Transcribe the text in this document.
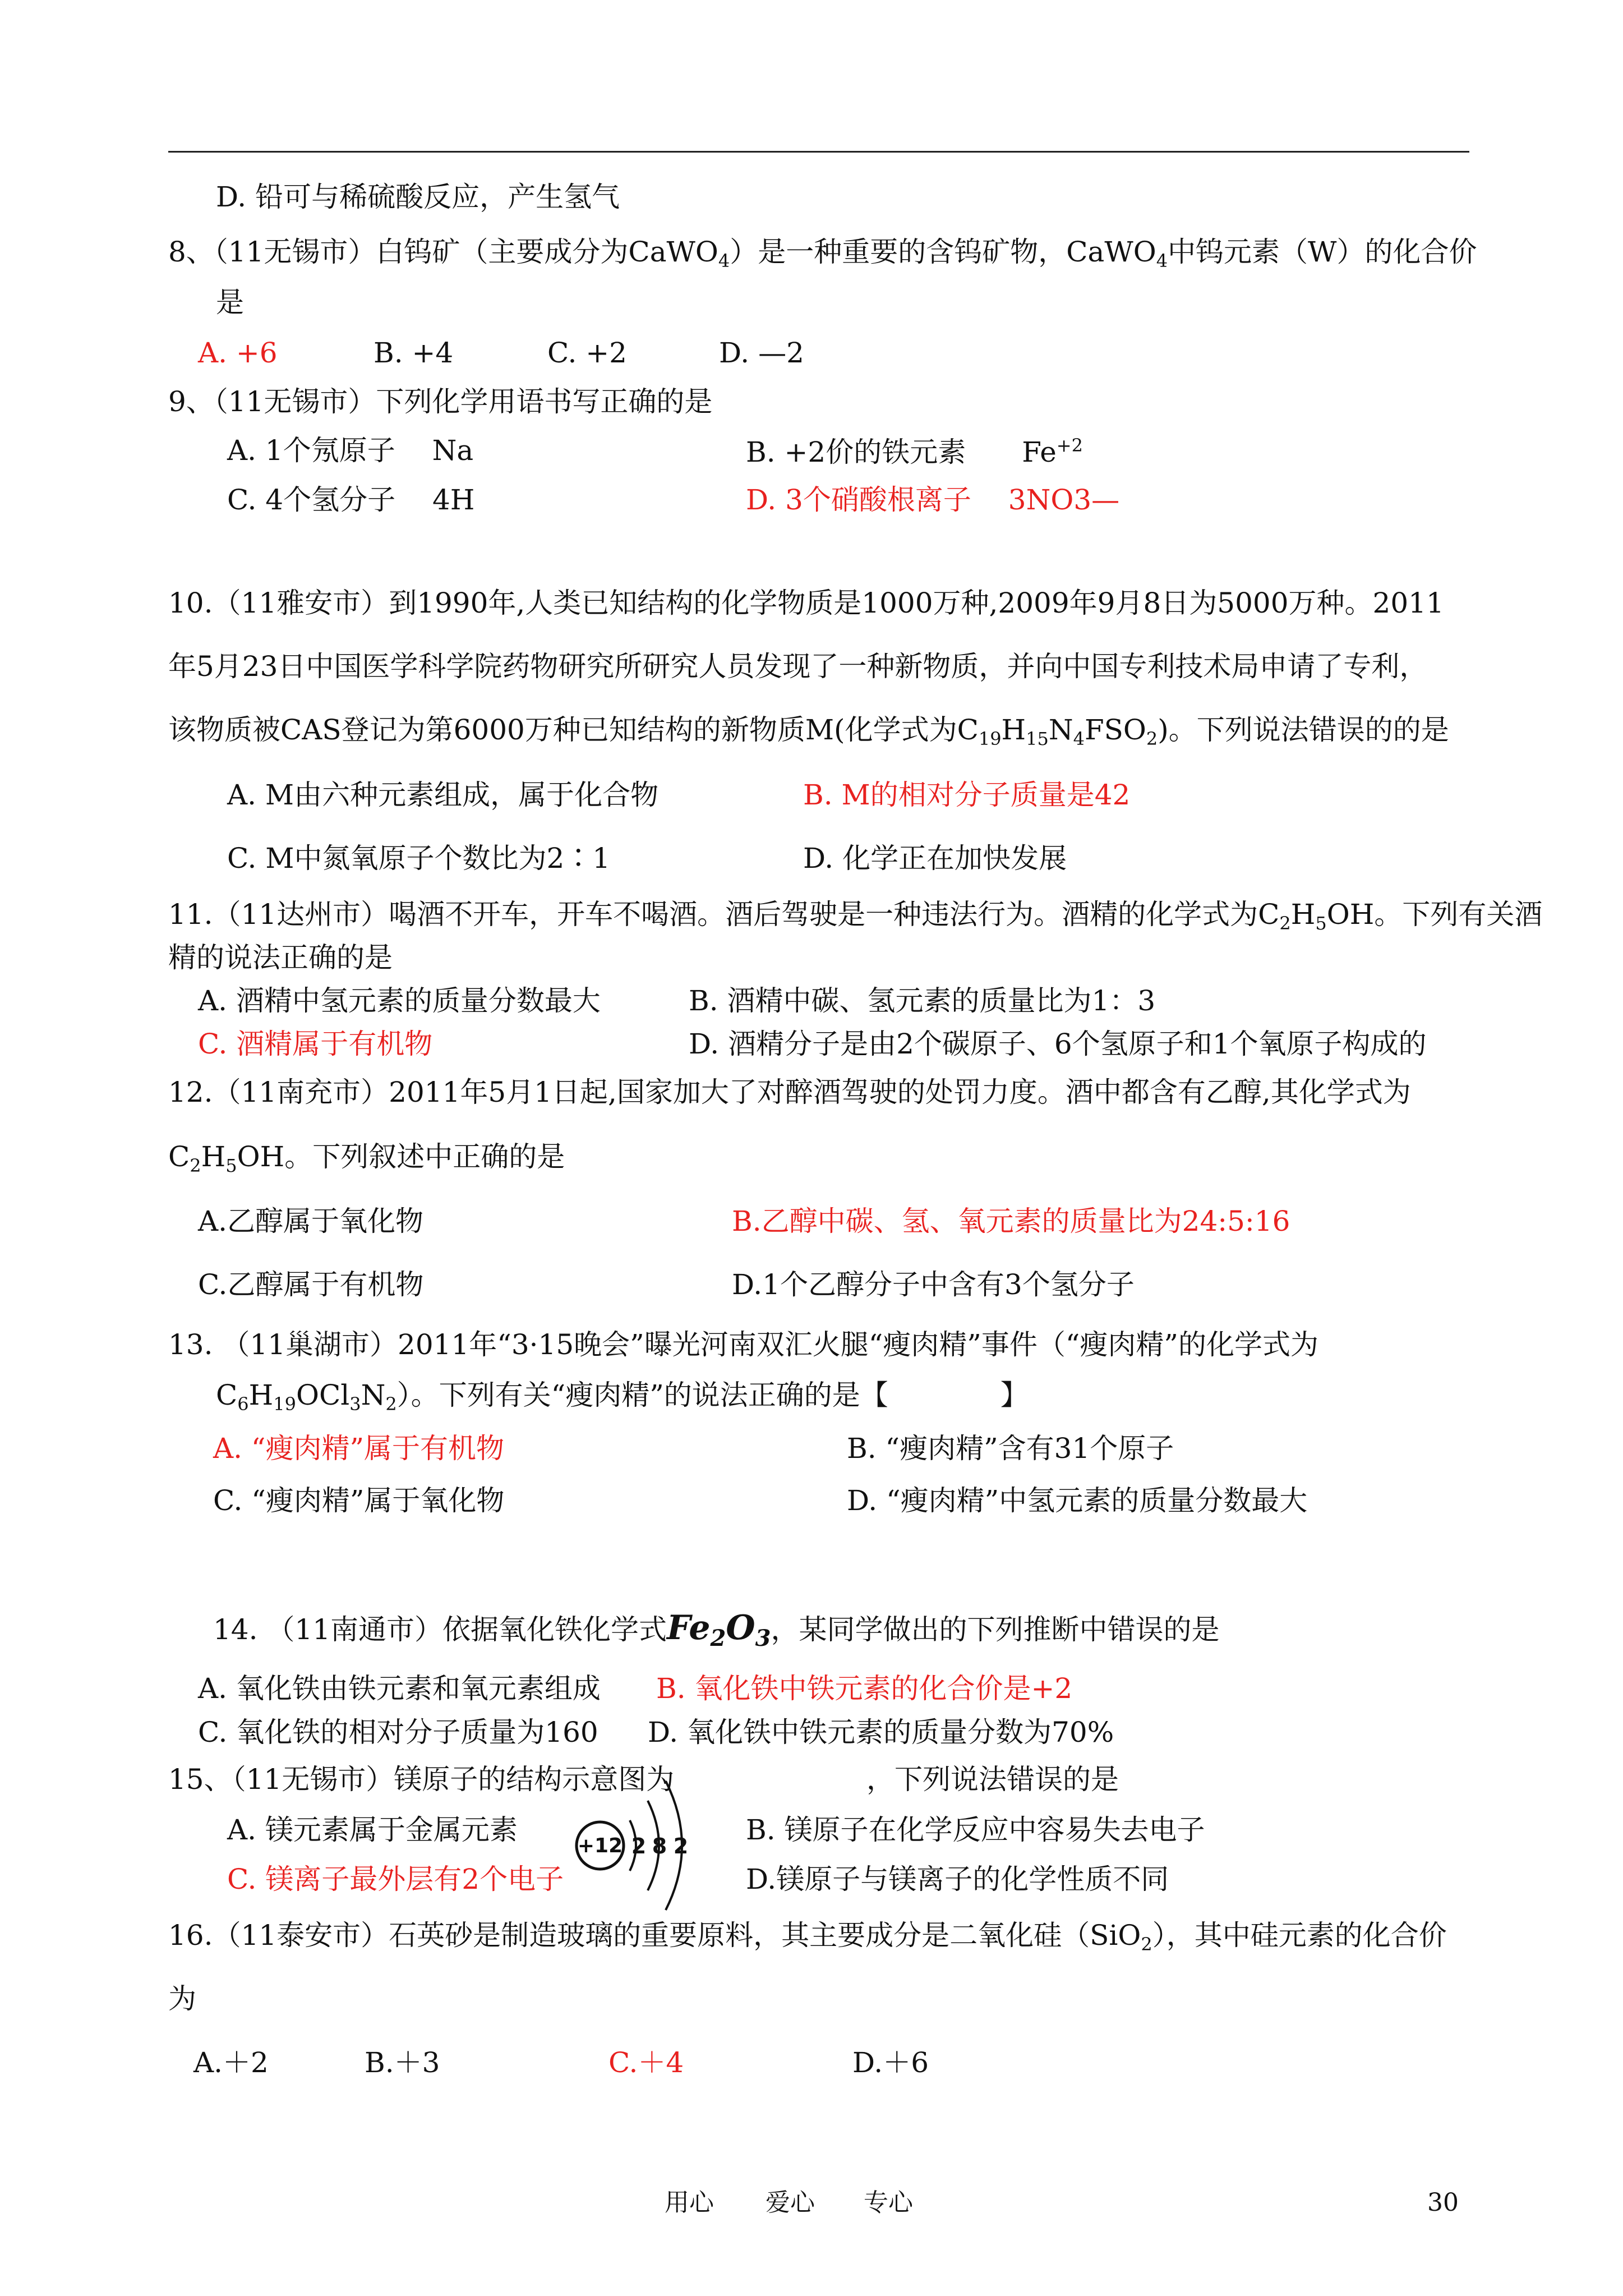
D. 铅可与稀硫酸反应，产生氢气
8、（11无锡市）白钨矿（主要成分为CaWO$_4$）是一种重要的含钨矿物，CaWO$_4$中钨元素（W）的化合价
是
A. +6	B. +4	C. +2	D. —2
9、（11无锡市）下列化学用语书写正确的是
A. 1个氖原子　 Na	B. +2价的铁元素　　$Fe^{+2}$
C. 4个氢分子　 4H	D. 3个硝酸根离子　 3NO3—
10.（11雅安市）到1990年,人类已知结构的化学物质是1000万种,2009年9月8日为5000万种。2011
年5月23日中国医学科学院药物研究所研究人员发现了一种新物质，并向中国专利技术局申请了专利，
该物质被CAS登记为第6000万种已知结构的新物质M(化学式为$C_{19}H_{15}N_4FSO_2$)。下列说法错误的的是
A. M由六种元素组成，属于化合物	B. M的相对分子质量是42
C. M中氮氧原子个数比为2∶1	D. 化学正在加快发展
11.（11达州市）喝酒不开车，开车不喝酒。酒后驾驶是一种违法行为。酒精的化学式为$C_2H_5OH$。下列有关酒
精的说法正确的是
A. 酒精中氢元素的质量分数最大	B. 酒精中碳、氢元素的质量比为1：3
C. 酒精属于有机物	D. 酒精分子是由2个碳原子、6个氢原子和1个氧原子构成的
12.（11南充市）2011年5月1日起,国家加大了对醉酒驾驶的处罚力度。酒中都含有乙醇,其化学式为
$C_2H_5OH$。下列叙述中正确的是
A.乙醇属于氧化物	B.乙醇中碳、氢、氧元素的质量比为24:5:16
C.乙醇属于有机物	D.1个乙醇分子中含有3个氢分子
13. （11巢湖市）2011年“3·15晚会”曝光河南双汇火腿“瘦肉精”事件（“瘦肉精”的化学式为
$C_6H_{19}OCl_3N_2$）。下列有关“瘦肉精”的说法正确的是【　　　　】
A. “瘦肉精”属于有机物	B. “瘦肉精”含有31个原子
C. “瘦肉精”属于氧化物	D. “瘦肉精”中氢元素的质量分数最大
14. （11南通市）依据氧化铁化学式$Fe_2O_3$，某同学做出的下列推断中错误的是
A. 氧化铁由铁元素和氧元素组成 B. 氧化铁中铁元素的化合价是+2
C. 氧化铁的相对分子质量为160 D. 氧化铁中铁元素的质量分数为70%
15、（11无锡市）镁原子的结构示意图为	，下列说法错误的是
A. 镁元素属于金属元素	B. 镁原子在化学反应中容易失去电子
C. 镁离子最外层有2个电子	D.镁原子与镁离子的化学性质不同
+12 2 8 2
16.（11泰安市）石英砂是制造玻璃的重要原料，其主要成分是二氧化硅（SiO$_2$），其中硅元素的化合价
为
A.＋2	B.＋3	C.＋4	D.＋6
用心 爱心 专心	30
